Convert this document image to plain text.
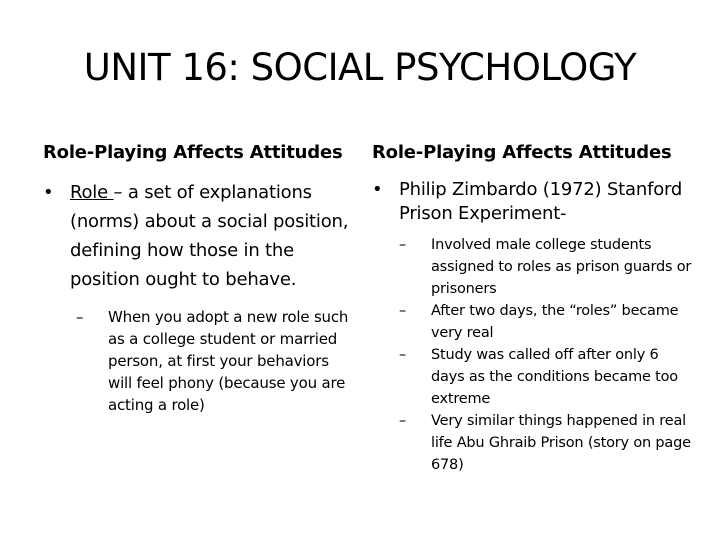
UNIT 16: SOCIAL PSYCHOLOGY
Role-Playing Affects Attitudes
• Role – a set of explanations (norms) about a social position, defining how those in the position ought to behave.
– When you adopt a new role such as a college student or married person, at first your behaviors will feel phony (because you are acting a role)
Role-Playing Affects Attitudes
• Philip Zimbardo (1972) Stanford Prison Experiment-
– Involved male college students assigned to roles as prison guards or prisoners
– After two days, the “roles” became very real
– Study was called off after only 6 days as the conditions became too extreme
– Very similar things happened in real life Abu Ghraib Prison (story on page 678)
